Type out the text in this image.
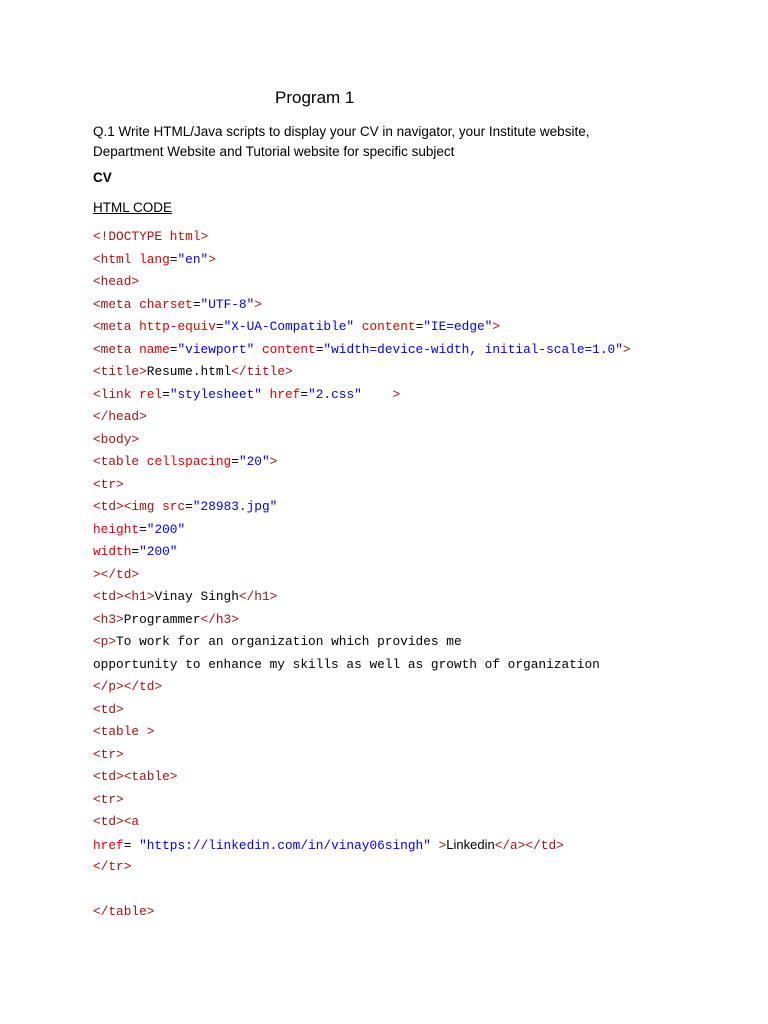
Program 1
Q.1 Write HTML/Java scripts to display your CV in navigator, your Institute website,
Department Website and Tutorial website for specific subject
CV
HTML CODE
<!DOCTYPE html>
<html lang="en">
<head>
<meta charset="UTF-8">
<meta http-equiv="X-UA-Compatible" content="IE=edge">
<meta name="viewport" content="width=device-width, initial-scale=1.0">
<title>Resume.html</title>
<link rel="stylesheet" href="2.css"    >
</head>
<body>
<table cellspacing="20">
<tr>
<td><img src="28983.jpg"
height="200"
width="200"
></td>
<td><h1>Vinay Singh</h1>
<h3>Programmer</h3>
<p>To work for an organization which provides me
opportunity to enhance my skills as well as growth of organization
</p></td>
<td>
<table >
<tr>
<td><table>
<tr>
<td><a
href= "https://linkedin.com/in/vinay06singh" >Linkedin</a></td>
</tr>
</table>
